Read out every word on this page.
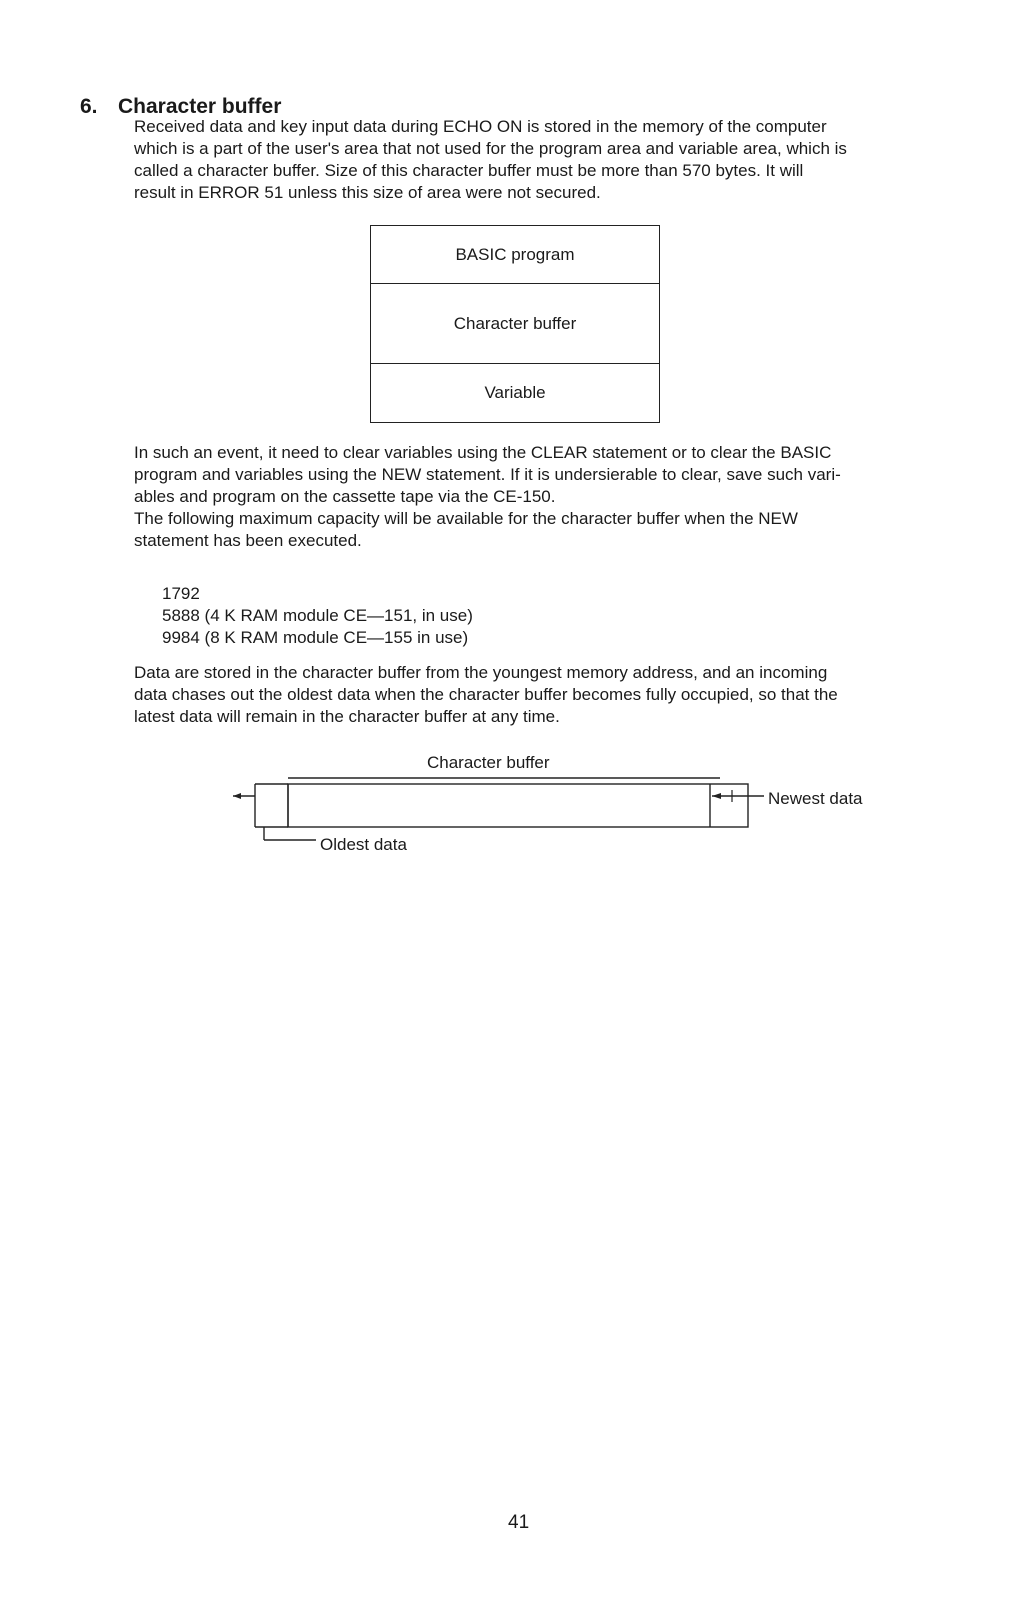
6. Character buffer
Received data and key input data during ECHO ON is stored in the memory of the computer
which is a part of the user's area that not used for the program area and variable area, which is
called a character buffer. Size of this character buffer must be more than 570 bytes. It will
result in ERROR 51 unless this size of area were not secured.
BASIC program
Character buffer
Variable
In such an event, it need to clear variables using the CLEAR statement or to clear the BASIC
program and variables using the NEW statement. If it is undersierable to clear, save such vari-
ables and program on the cassette tape via the CE-150.
The following maximum capacity will be available for the character buffer when the NEW
statement has been executed.
1792
5888 (4 K RAM module CE—151, in use)
9984 (8 K RAM module CE—155 in use)
Data are stored in the character buffer from the youngest memory address, and an incoming
data chases out the oldest data when the character buffer becomes fully occupied, so that the
latest data will remain in the character buffer at any time.
Character buffer
Newest data
Oldest data
41
